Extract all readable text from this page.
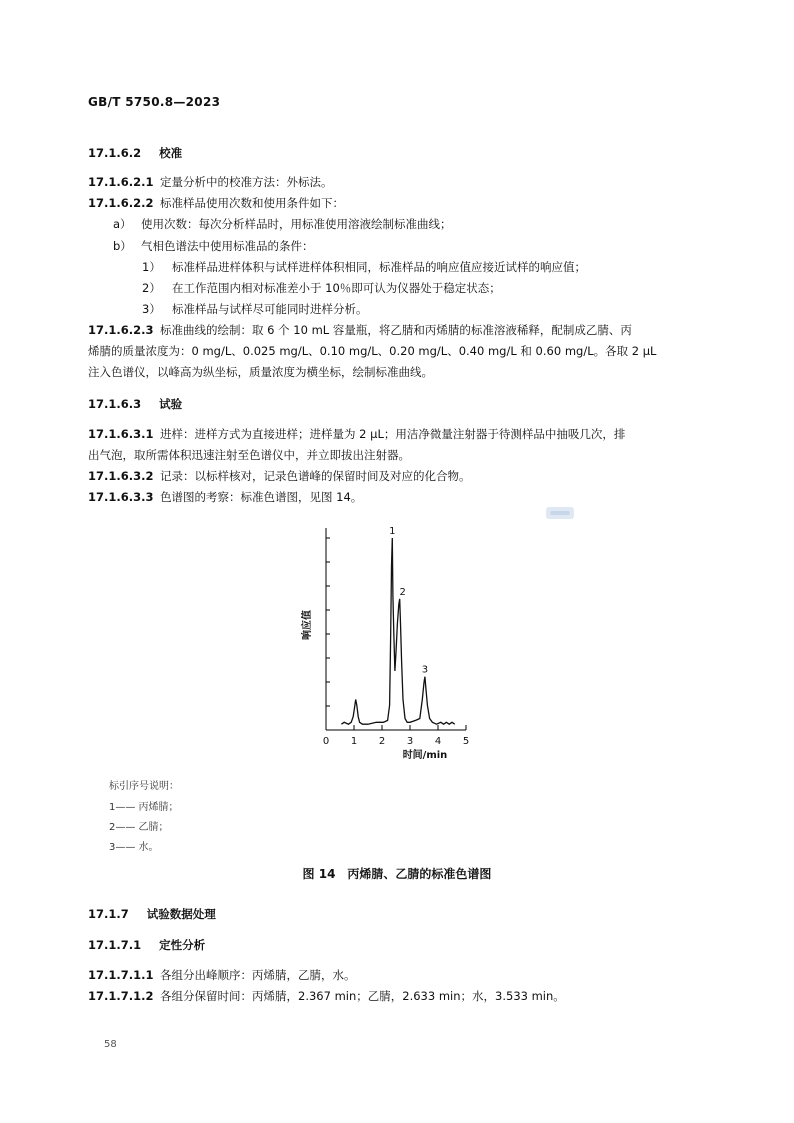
GB/T 5750.8—2023
17.1.6.2 校准
17.1.6.2.1 定量分析中的校准方法：外标法。
17.1.6.2.2 标准样品使用次数和使用条件如下：
a） 使用次数：每次分析样品时，用标准使用溶液绘制标准曲线；
b） 气相色谱法中使用标准品的条件：
1） 标准样品进样体积与试样进样体积相同，标准样品的响应值应接近试样的响应值；
2） 在工作范围内相对标准差小于 10％即可认为仪器处于稳定状态；
3） 标准样品与试样尽可能同时进样分析。
17.1.6.2.3 标准曲线的绘制：取 6 个 10 mL 容量瓶，将乙腈和丙烯腈的标准溶液稀释，配制成乙腈、丙
烯腈的质量浓度为：0 mg/L、0.025 mg/L、0.10 mg/L、0.20 mg/L、0.40 mg/L 和 0.60 mg/L。各取 2 μL
注入色谱仪，以峰高为纵坐标，质量浓度为横坐标，绘制标准曲线。
17.1.6.3 试验
17.1.6.3.1 进样：进样方式为直接进样；进样量为 2 μL；用洁净微量注射器于待测样品中抽吸几次，排
出气泡，取所需体积迅速注射至色谱仪中，并立即拔出注射器。
17.1.6.3.2 记录：以标样核对，记录色谱峰的保留时间及对应的化合物。
17.1.6.3.3 色谱图的考察：标准色谱图，见图 14。
0 1 2 3 4 5
1
2
3
响应值
时间/min
标引序号说明：
1—— 丙烯腈；
2—— 乙腈；
3—— 水。
图 14　丙烯腈、乙腈的标准色谱图
17.1.7 试验数据处理
17.1.7.1 定性分析
17.1.7.1.1 各组分出峰顺序：丙烯腈，乙腈，水。
17.1.7.1.2 各组分保留时间：丙烯腈，2.367 min；乙腈，2.633 min；水，3.533 min。
58
